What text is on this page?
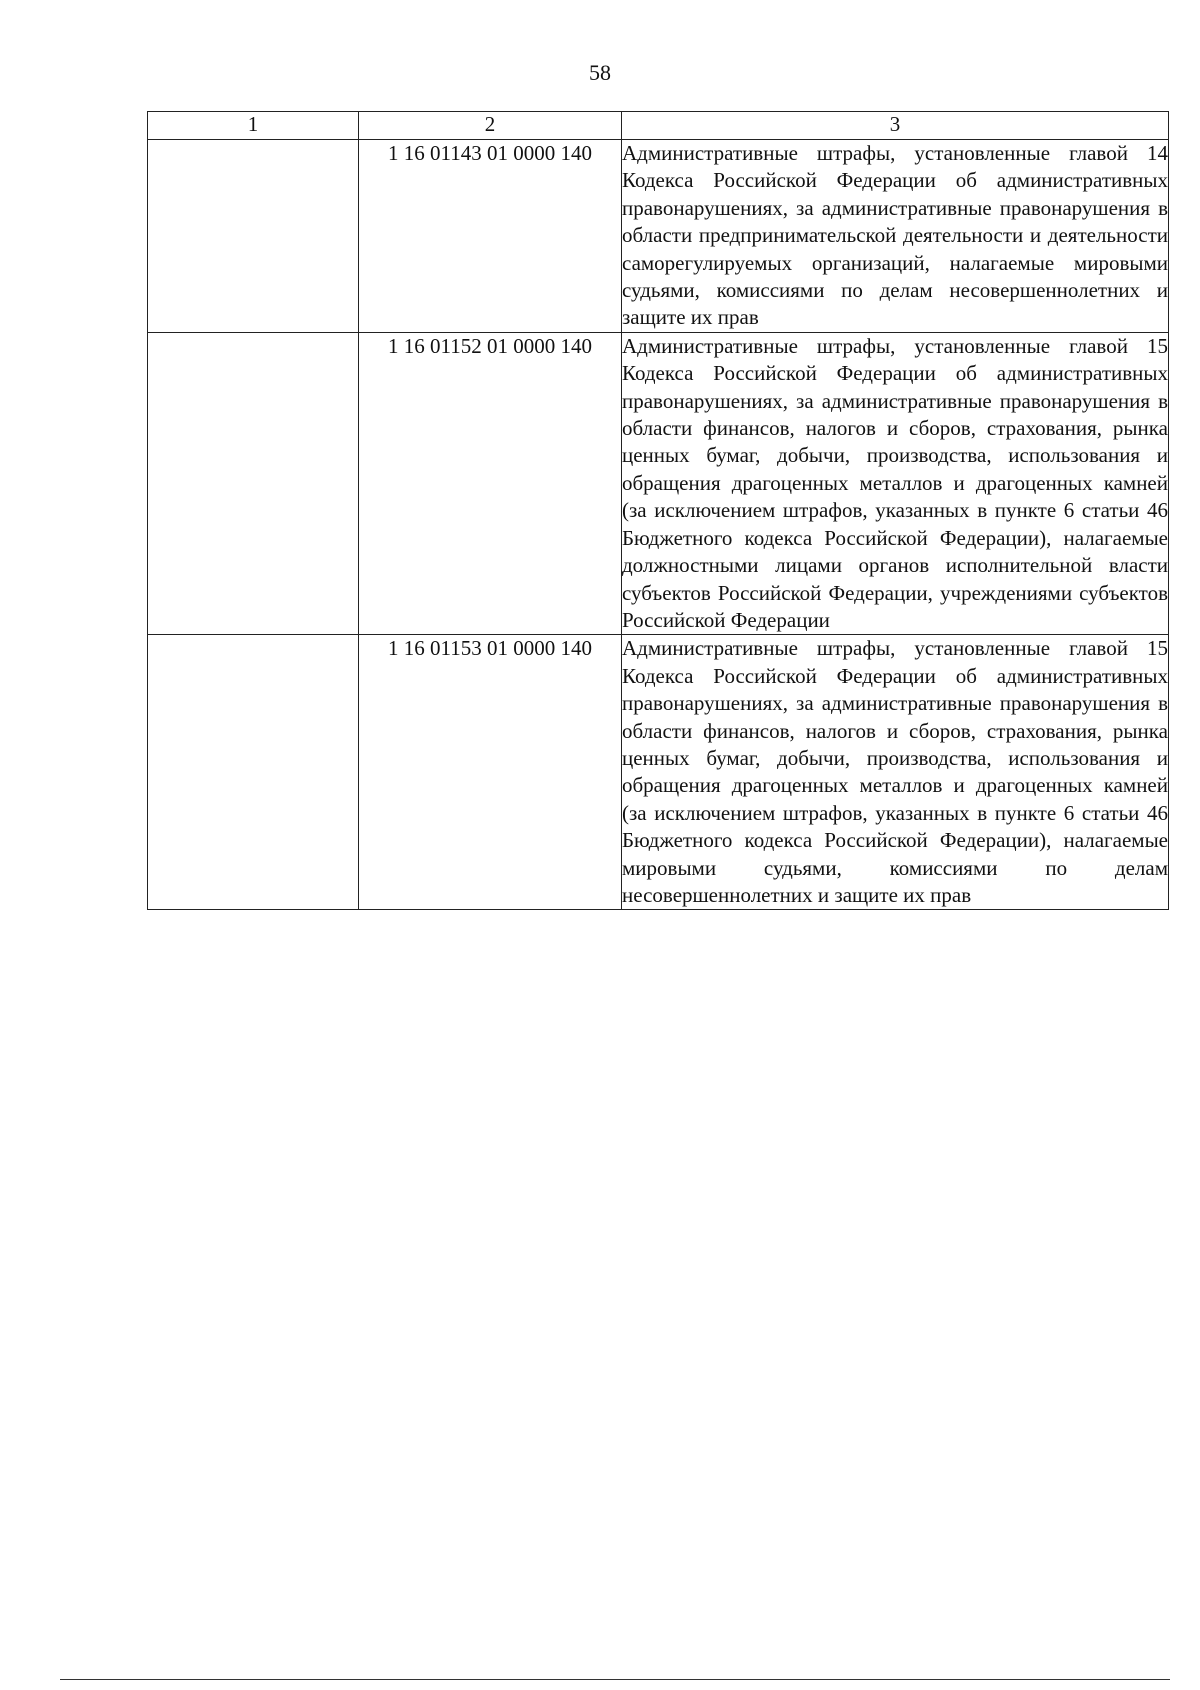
58
1	2	3
	1 16 01143 01 0000 140	Административные штрафы, установленные главой 14 Кодекса Российской Федерации об административных правонарушениях, за административные правонарушения в области предпринимательской деятельности и деятельности саморегулируемых организаций, налагаемые мировыми судьями, комиссиями по делам несовершеннолетних и защите их прав
	1 16 01152 01 0000 140	Административные штрафы, установленные главой 15 Кодекса Российской Федерации об административных правонарушениях, за административные правонарушения в области финансов, налогов и сборов, страхования, рынка ценных бумаг, добычи, производства, использования и обращения драгоценных металлов и драгоценных камней (за исключением штрафов, указанных в пункте 6 статьи 46 Бюджетного кодекса Российской Федерации), налагаемые должностными лицами органов исполнительной власти субъектов Российской Федерации, учреждениями субъектов Российской Федерации
	1 16 01153 01 0000 140	Административные штрафы, установленные главой 15 Кодекса Российской Федерации об административных правонарушениях, за административные правонарушения в области финансов, налогов и сборов, страхования, рынка ценных бумаг, добычи, производства, использования и обращения драгоценных металлов и драгоценных камней (за исключением штрафов, указанных в пункте 6 статьи 46 Бюджетного кодекса Российской Федерации), налагаемые мировыми судьями, комиссиями по делам несовершеннолетних и защите их прав
